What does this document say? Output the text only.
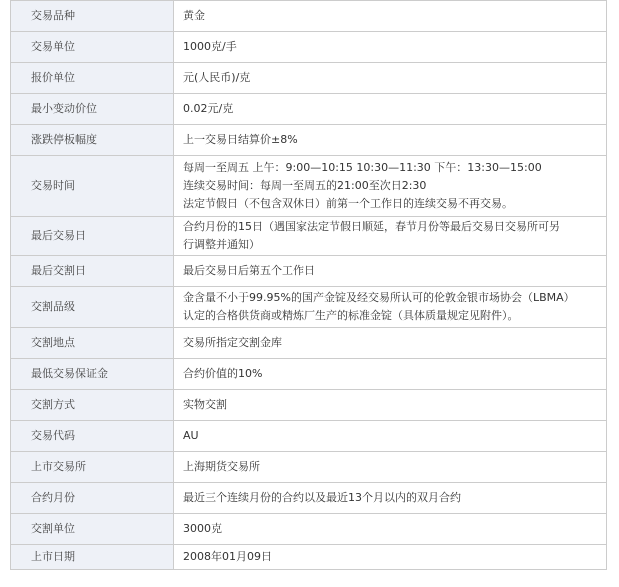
交易品种	黄金

交易单位	1000克/手

报价单位	元(人民币)/克

最小变动价位	0.02元/克

涨跌停板幅度	上一交易日结算价±8%

交易时间	每周一至周五 上午：9:00—10:15 10:30—11:30 下午：13:30—15:00
连续交易时间：每周一至周五的21:00至次日2:30
法定节假日（不包含双休日）前第一个工作日的连续交易不再交易。

最后交易日	合约月份的15日（遇国家法定节假日顺延，春节月份等最后交易日交易所可另
行调整并通知）

最后交割日	最后交易日后第五个工作日

交割品级	金含量不小于99.95%的国产金锭及经交易所认可的伦敦金银市场协会（LBMA）
认定的合格供货商或精炼厂生产的标准金锭（具体质量规定见附件）。

交割地点	交易所指定交割金库

最低交易保证金	合约价值的10%

交割方式	实物交割

交易代码	AU

上市交易所	上海期货交易所

合约月份	最近三个连续月份的合约以及最近13个月以内的双月合约

交割单位	3000克

上市日期	2008年01月09日
